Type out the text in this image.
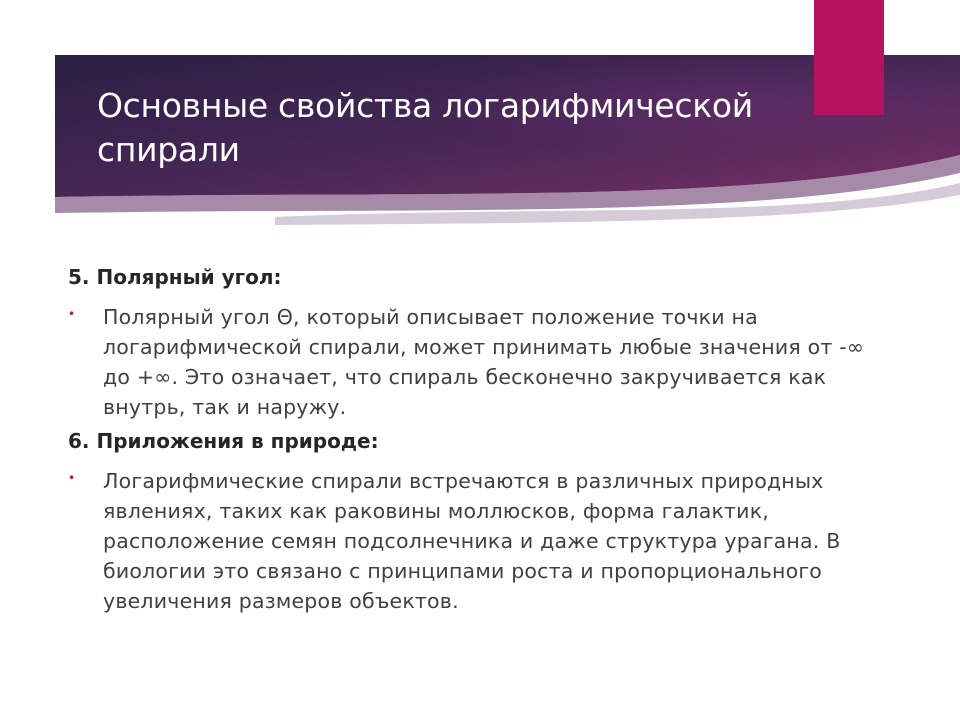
Основные свойства логарифмической спирали

5. Полярный угол:

• Полярный угол Θ, который описывает положение точки на логарифмической спирали, может принимать любые значения от -∞ до +∞. Это означает, что спираль бесконечно закручивается как внутрь, так и наружу.

6. Приложения в природе:

• Логарифмические спирали встречаются в различных природных явлениях, таких как раковины моллюсков, форма галактик, расположение семян подсолнечника и даже структура урагана. В биологии это связано с принципами роста и пропорционального увеличения размеров объектов.
